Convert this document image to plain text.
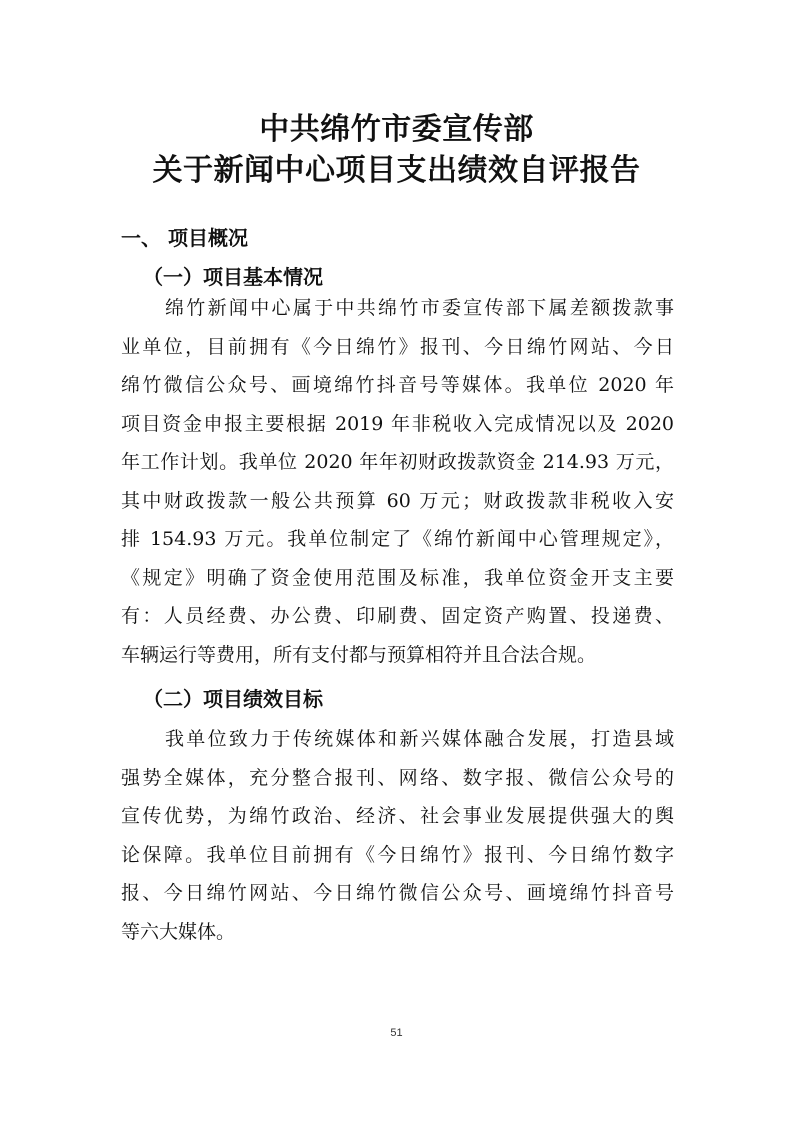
中共绵竹市委宣传部
关于新闻中心项目支出绩效自评报告
一、 项目概况
（一）项目基本情况
绵竹新闻中心属于中共绵竹市委宣传部下属差额拨款事
业单位，目前拥有《今日绵竹》报刊、今日绵竹网站、今日
绵竹微信公众号、画境绵竹抖音号等媒体。我单位 2020 年
项目资金申报主要根据 2019 年非税收入完成情况以及 2020
年工作计划。我单位 2020 年年初财政拨款资金 214.93 万元，
其中财政拨款一般公共预算 60 万元；财政拨款非税收入安
排 154.93 万元。我单位制定了《绵竹新闻中心管理规定》，
《规定》明确了资金使用范围及标准，我单位资金开支主要
有：人员经费、办公费、印刷费、固定资产购置、投递费、
车辆运行等费用，所有支付都与预算相符并且合法合规。
（二）项目绩效目标
我单位致力于传统媒体和新兴媒体融合发展，打造县域
强势全媒体，充分整合报刊、网络、数字报、微信公众号的
宣传优势，为绵竹政治、经济、社会事业发展提供强大的舆
论保障。我单位目前拥有《今日绵竹》报刊、今日绵竹数字
报、今日绵竹网站、今日绵竹微信公众号、画境绵竹抖音号
等六大媒体。
51
